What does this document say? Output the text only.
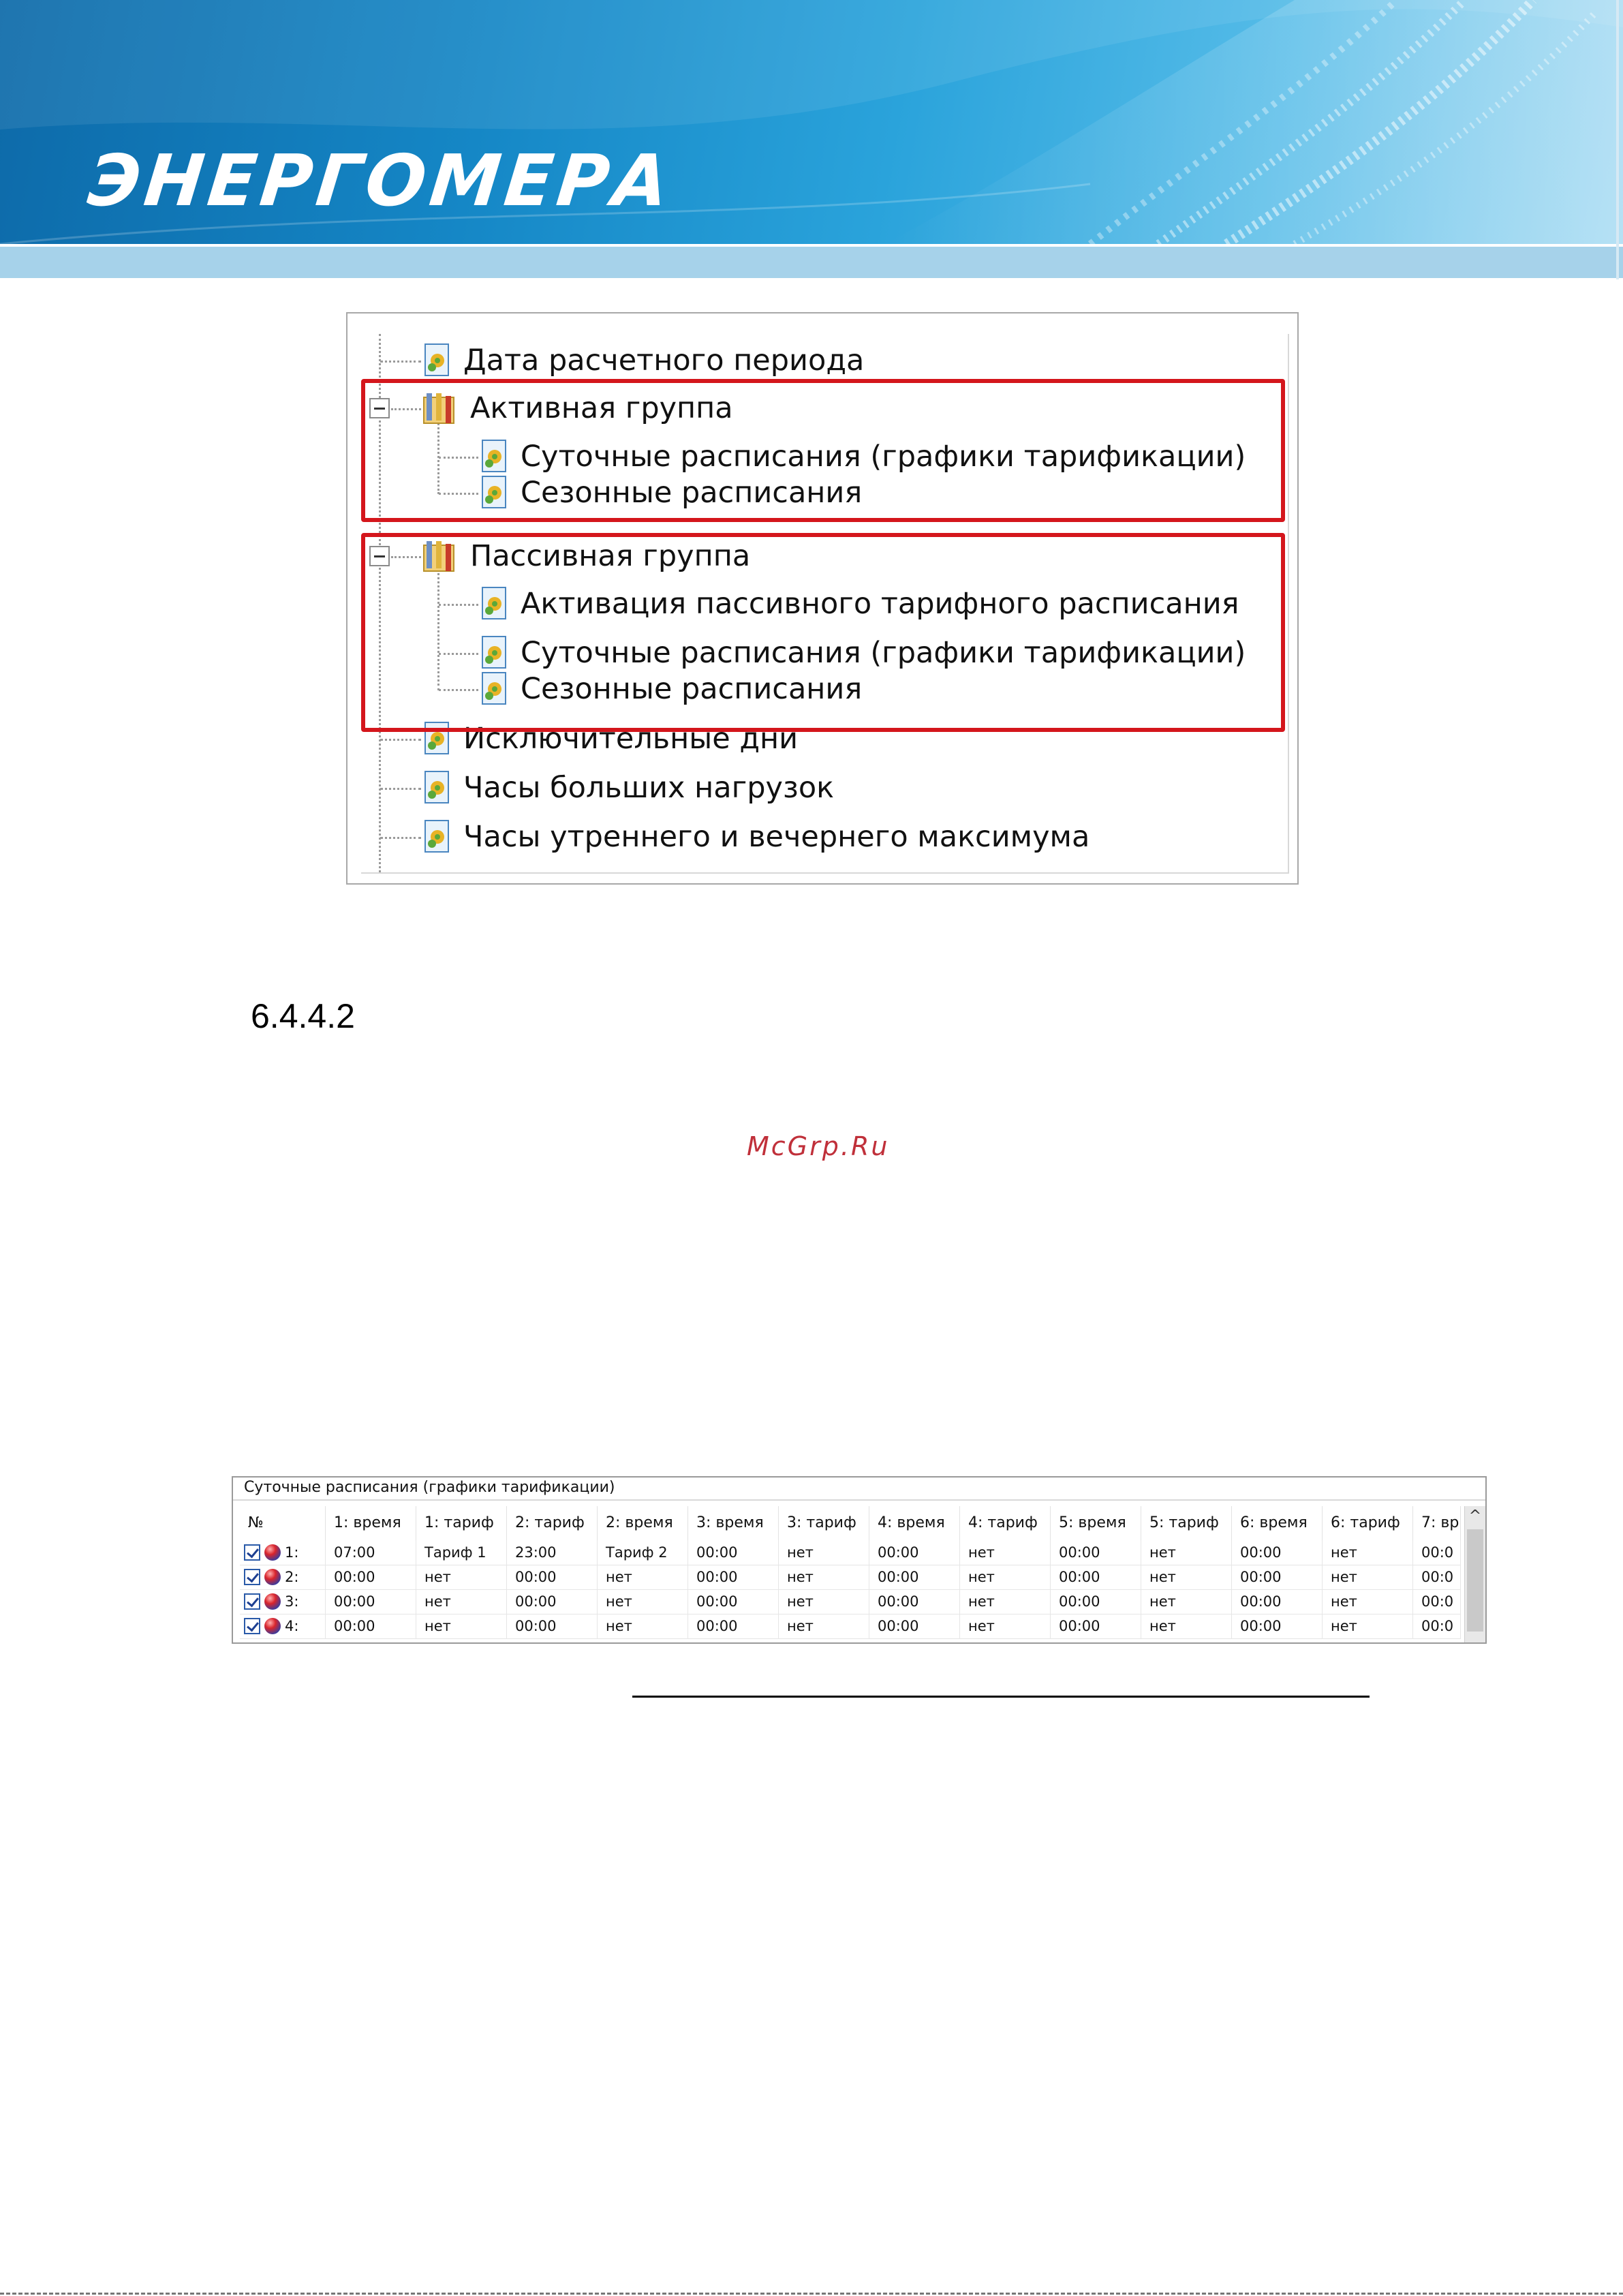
ЭНЕРГОМЕРА
Дата расчетного периода
Активная группа
Суточные расписания (графики тарификации)
Сезонные расписания
Пассивная группа
Активация пассивного тарифного расписания
Суточные расписания (графики тарификации)
Сезонные расписания
Исключительные дни
Часы больших нагрузок
Часы утреннего и вечернего максимума
6.4.4.2
McGrp.Ru
Суточные расписания (графики тарификации)
№	1: время	1: тариф	2: тариф	2: время	3: время	3: тариф	4: время	4: тариф	5: время	5: тариф	6: время	6: тариф	7: вр
1:	07:00	Тариф 1	23:00	Тариф 2	00:00	нет	00:00	нет	00:00	нет	00:00	нет	00:0
2:	00:00	нет	00:00	нет	00:00	нет	00:00	нет	00:00	нет	00:00	нет	00:0
3:	00:00	нет	00:00	нет	00:00	нет	00:00	нет	00:00	нет	00:00	нет	00:0
4:	00:00	нет	00:00	нет	00:00	нет	00:00	нет	00:00	нет	00:00	нет	00:0
^
